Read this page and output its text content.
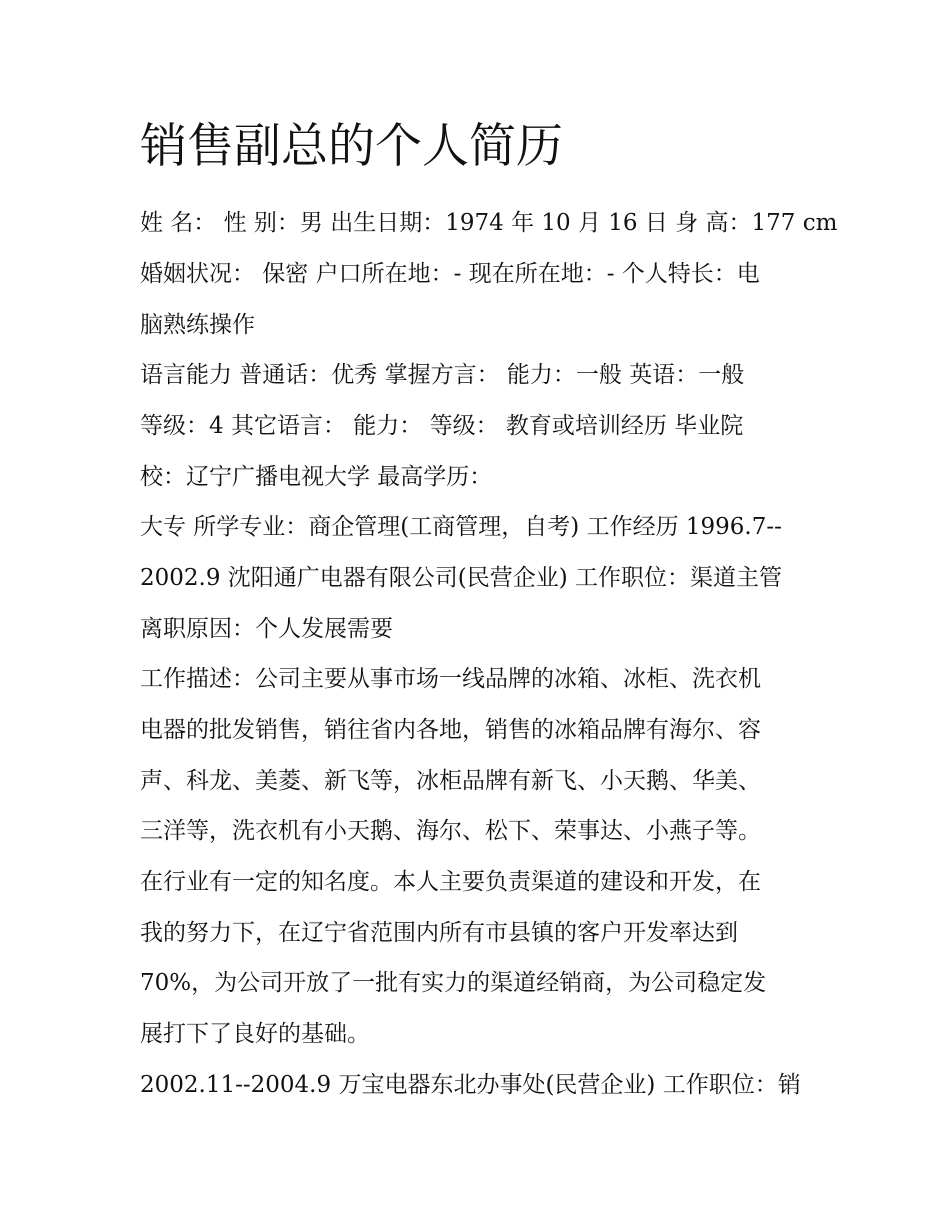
销售副总的个人简历

姓 名： 性 别：男 出生日期：1974 年 10 月 16 日 身 高：177 cm

婚姻状况： 保密 户口所在地：- 现在所在地：- 个人特长：电

脑熟练操作

语言能力 普通话：优秀 掌握方言： 能力：一般 英语：一般

等级：4 其它语言： 能力： 等级： 教育或培训经历 毕业院

校：辽宁广播电视大学 最高学历：

大专 所学专业：商企管理(工商管理，自考) 工作经历 1996.7--

2002.9 沈阳通广电器有限公司(民营企业) 工作职位：渠道主管

离职原因：个人发展需要

工作描述：公司主要从事市场一线品牌的冰箱、冰柜、洗衣机

电器的批发销售，销往省内各地，销售的冰箱品牌有海尔、容

声、科龙、美菱、新飞等，冰柜品牌有新飞、小天鹅、华美、

三洋等，洗衣机有小天鹅、海尔、松下、荣事达、小燕子等。

在行业有一定的知名度。本人主要负责渠道的建设和开发，在

我的努力下，在辽宁省范围内所有市县镇的客户开发率达到

70%，为公司开放了一批有实力的渠道经销商，为公司稳定发

展打下了良好的基础。

2002.11--2004.9 万宝电器东北办事处(民营企业) 工作职位：销
